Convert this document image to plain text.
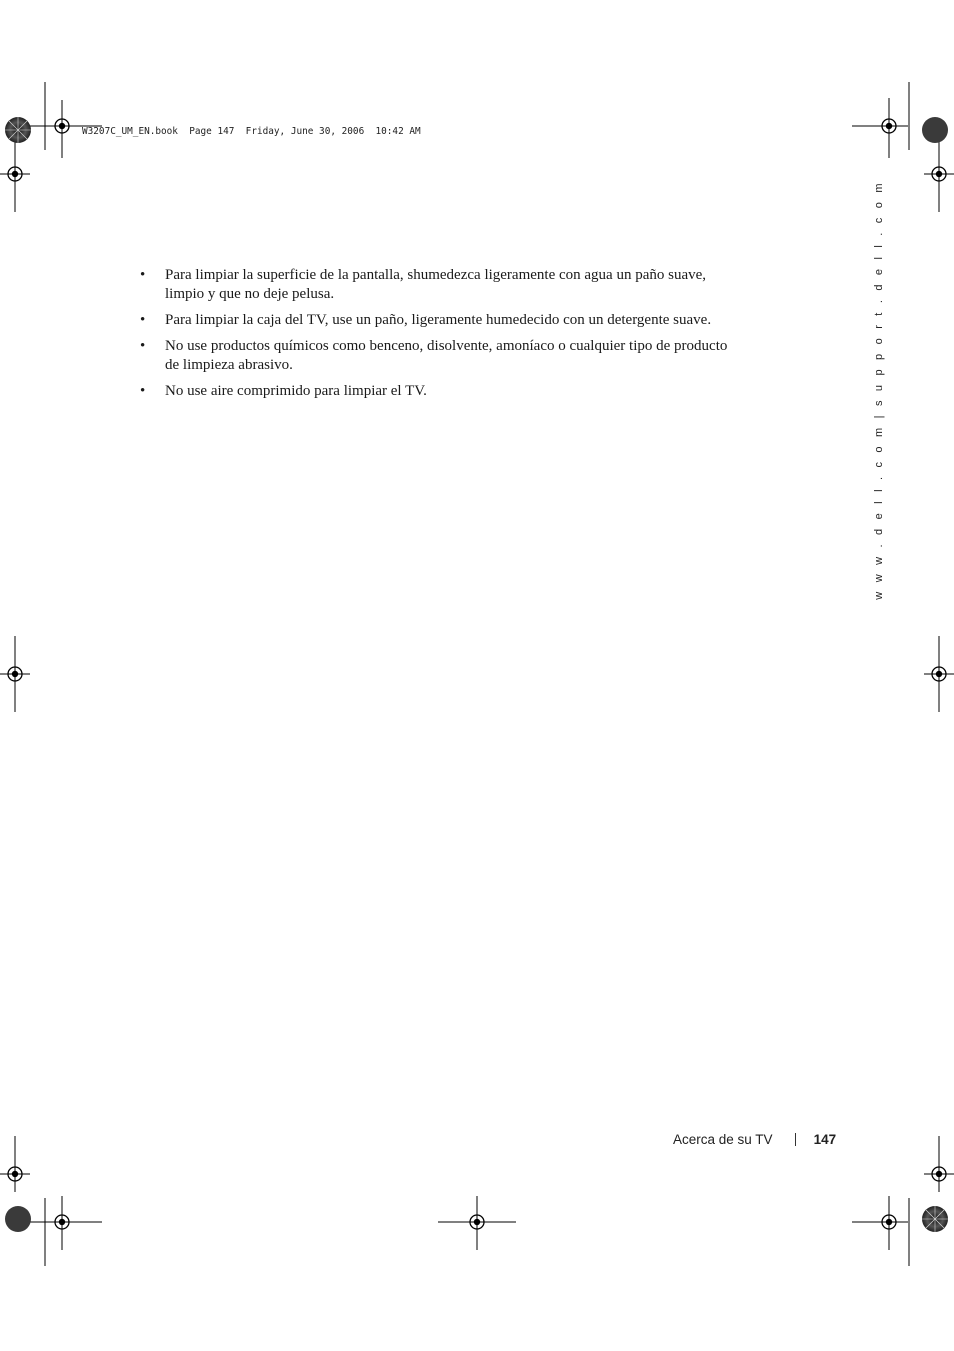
W3207C_UM_EN.book  Page 147  Friday, June 30, 2006  10:42 AM
w w w . d e l l . c o m | s u p p o r t . d e l l . c o m
• Para limpiar la superficie de la pantalla, shumedezca ligeramente con agua un paño suave,
limpio y que no deje pelusa.
• Para limpiar la caja del TV, use un paño, ligeramente humedecido con un detergente suave.
• No use productos químicos como benceno, disolvente, amoníaco o cualquier tipo de producto
de limpieza abrasivo.
• No use aire comprimido para limpiar el TV.
Acerca de su TV	147
